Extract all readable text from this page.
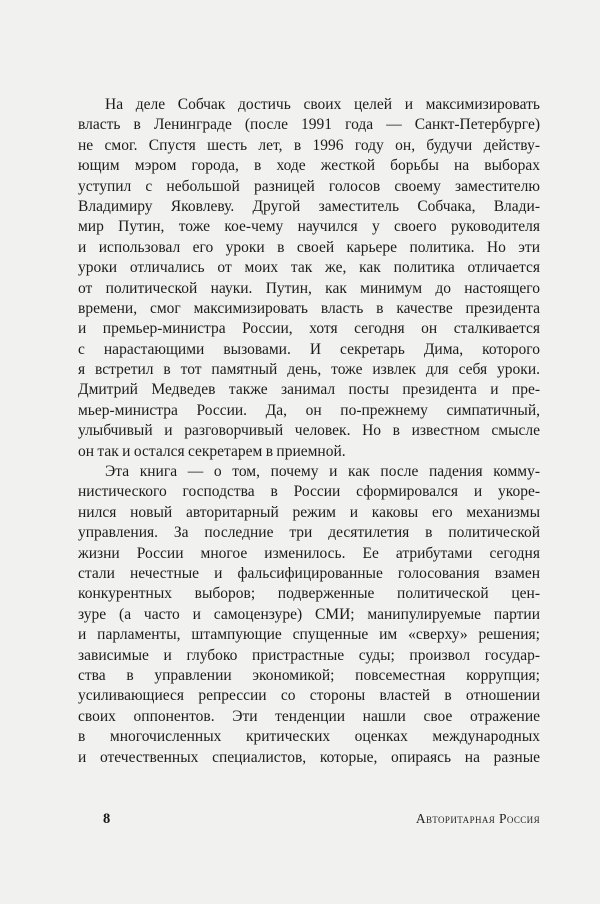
На деле Собчак достичь своих целей и максимизировать
власть в Ленинграде (после 1991 года — Санкт-Петербурге)
не смог. Спустя шесть лет, в 1996 году он, будучи действу-
ющим мэром города, в ходе жесткой борьбы на выборах
уступил с небольшой разницей голосов своему заместителю
Владимиру Яковлеву. Другой заместитель Собчака, Влади-
мир Путин, тоже кое-чему научился у своего руководителя
и использовал его уроки в своей карьере политика. Но эти
уроки отличались от моих так же, как политика отличается
от политической науки. Путин, как минимум до настоящего
времени, смог максимизировать власть в качестве президента
и премьер-министра России, хотя сегодня он сталкивается
с нарастающими вызовами. И секретарь Дима, которого
я встретил в тот памятный день, тоже извлек для себя уроки.
Дмитрий Медведев также занимал посты президента и пре-
мьер-министра России. Да, он по-прежнему симпатичный,
улыбчивый и разговорчивый человек. Но в известном смысле
он так и остался секретарем в приемной.
Эта книга — о том, почему и как после падения комму-
нистического господства в России сформировался и укоре-
нился новый авторитарный режим и каковы его механизмы
управления. За последние три десятилетия в политической
жизни России многое изменилось. Ее атрибутами сегодня
стали нечестные и фальсифицированные голосования взамен
конкурентных выборов; подверженные политической цен-
зуре (а часто и самоцензуре) СМИ; манипулируемые партии
и парламенты, штампующие спущенные им «сверху» решения;
зависимые и глубоко пристрастные суды; произвол государ-
ства в управлении экономикой; повсеместная коррупция;
усиливающиеся репрессии со стороны властей в отношении
своих оппонентов. Эти тенденции нашли свое отражение
в многочисленных критических оценках международных
и отечественных специалистов, которые, опираясь на разные
8	Авторитарная Россия
